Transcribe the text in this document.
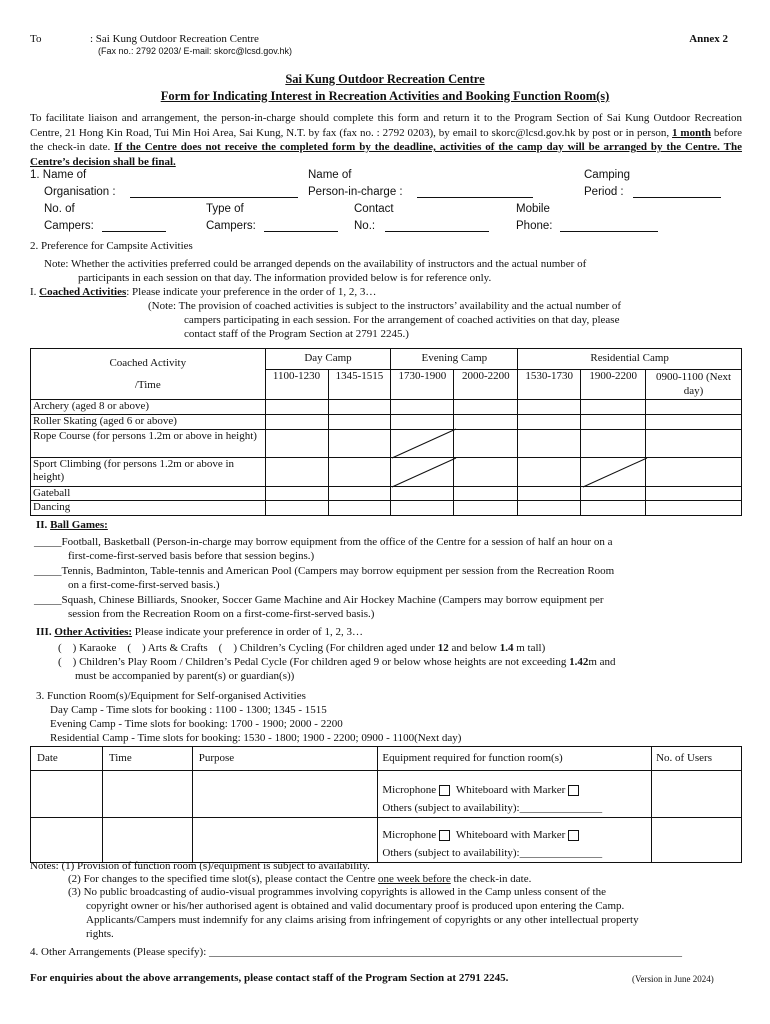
To	: Sai Kung Outdoor Recreation Centre
(Fax no.: 2792 0203/ E-mail: skorc@lcsd.gov.hk)
Annex 2
Sai Kung Outdoor Recreation Centre
Form for Indicating Interest in Recreation Activities and Booking Function Room(s)
To facilitate liaison and arrangement, the person-in-charge should complete this form and return it to the Program Section of Sai Kung Outdoor Recreation Centre, 21 Hong Kin Road, Tui Min Hoi Area, Sai Kung, N.T. by fax (fax no. : 2792 0203), by email to skorc@lcsd.gov.hk by post or in person, 1 month before the check-in date. If the Centre does not receive the completed form by the deadline, activities of the camp day will be arranged by the Centre. The Centre’s decision shall be final.
1. Name of
Organisation :
Name of
Person-in-charge :
Camping
Period :
No. of
Campers:
Type of
Campers:
Contact
No.:
Mobile
Phone:
2. Preference for Campsite Activities
Note: Whether the activities preferred could be arranged depends on the availability of instructors and the actual number of
participants in each session on that day. The information provided below is for reference only.
I. Coached Activities: Please indicate your preference in the order of 1, 2, 3…
(Note: The provision of coached activities is subject to the instructors’ availability and the actual number of
campers participating in each session. For the arrangement of coached activities on that day, please
contact staff of the Program Section at 2791 2245.)
Coached Activity
/Time	Day Camp		Evening Camp		Residential Camp		
	1100-1230	1345-1515	1730-1900	2000-2200	1530-1730	1900-2200	0900-1100 (Next day)
Archery (aged 8 or above)							
Roller Skating (aged 6 or above)							
Rope Course (for persons 1.2m or above in height)							
Sport Climbing (for persons 1.2m or above in height)							
Gateball							
Dancing							
II. Ball Games:
_____Football, Basketball (Person-in-charge may borrow equipment from the office of the Centre for a session of half an hour on a
first-come-first-served basis before that session begins.)
_____Tennis, Badminton, Table-tennis and American Pool (Campers may borrow equipment per session from the Recreation Room
on a first-come-first-served basis.)
_____Squash, Chinese Billiards, Snooker, Soccer Game Machine and Air Hockey Machine (Campers may borrow equipment per
session from the Recreation Room on a first-come-first-served basis.)
III. Other Activities: Please indicate your preference in order of 1, 2, 3…
(    ) Karaoke    (    ) Arts & Crafts    (    ) Children’s Cycling (For children aged under 12 and below 1.4 m tall)
(    ) Children’s Play Room / Children’s Pedal Cycle (For children aged 9 or below whose heights are not exceeding 1.42m and
must be accompanied by parent(s) or guardian(s))
3. Function Room(s)/Equipment for Self-organised Activities
Day Camp - Time slots for booking : 1100 - 1300; 1345 - 1515
Evening Camp - Time slots for booking: 1700 - 1900; 2000 - 2200
Residential Camp - Time slots for booking: 1530 - 1800; 1900 - 2200; 0900 - 1100(Next day)
Date	Time	Purpose	Equipment required for function room(s)	No. of Users

			Microphone Whiteboard with Marker
Others (subject to availability):_______________	

			Microphone Whiteboard with Marker
Others (subject to availability):_______________	

Notes: (1) Provision of function room (s)/equipment is subject to availability.
(2) For changes to the specified time slot(s), please contact the Centre one week before the check-in date.
(3) No public broadcasting of audio-visual programmes involving copyrights is allowed in the Camp unless consent of the
copyright owner or his/her authorised agent is obtained and valid documentary proof is produced upon entering the Camp.
Applicants/Campers must indemnify for any claims arising from infringement of copyrights or any other intellectual property
rights.
4. Other Arrangements (Please specify): ______________________________________________________________________________________
For enquiries about the above arrangements, please contact staff of the Program Section at 2791 2245.	(Version in June 2024)
